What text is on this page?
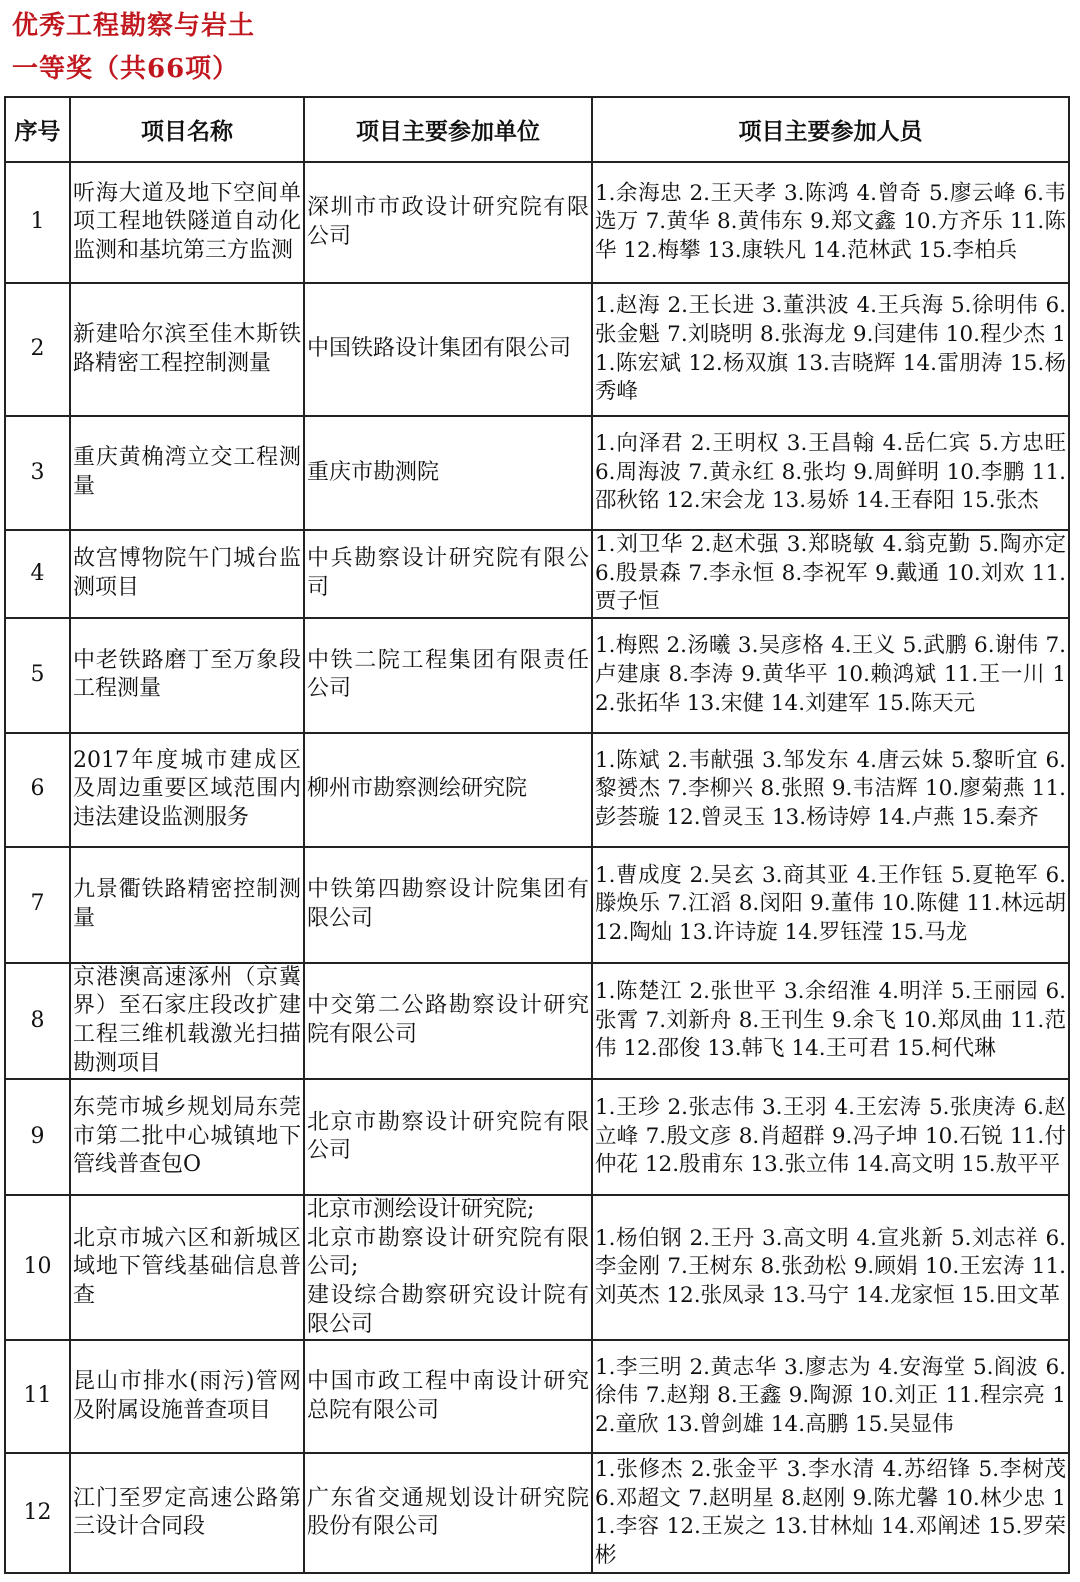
优秀工程勘察与岩土
一等奖（共66项）
序号	项目名称	项目主要参加单位	项目主要参加人员
1	听海大道及地下空间单项工程地铁隧道自动化监测和基坑第三方监测	深圳市市政设计研究院有限公司	1.余海忠 2.王天孝 3.陈鸿 4.曾奇 5.廖云峰 6.韦选万 7.黄华 8.黄伟东 9.郑文鑫 10.方齐乐 11.陈华 12.梅攀 13.康轶凡 14.范林武 15.李柏兵
2	新建哈尔滨至佳木斯铁路精密工程控制测量	中国铁路设计集团有限公司	1.赵海 2.王长进 3.董洪波 4.王兵海 5.徐明伟 6.张金魁 7.刘晓明 8.张海龙 9.闫建伟 10.程少杰 11.陈宏斌 12.杨双旗 13.吉晓辉 14.雷朋涛 15.杨秀峰
3	重庆黄桷湾立交工程测量	重庆市勘测院	1.向泽君 2.王明权 3.王昌翰 4.岳仁宾 5.方忠旺 6.周海波 7.黄永红 8.张均 9.周鲜明 10.李鹏 11.邵秋铭 12.宋会龙 13.易娇 14.王春阳 15.张杰
4	故宫博物院午门城台监测项目	中兵勘察设计研究院有限公司	1.刘卫华 2.赵术强 3.郑晓敏 4.翁克勤 5.陶亦定 6.殷景森 7.李永恒 8.李祝军 9.戴通 10.刘欢 11.贾子恒
5	中老铁路磨丁至万象段工程测量	中铁二院工程集团有限责任公司	1.梅熙 2.汤曦 3.吴彦格 4.王义 5.武鹏 6.谢伟 7.卢建康 8.李涛 9.黄华平 10.赖鸿斌 11.王一川 12.张拓华 13.宋健 14.刘建军 15.陈天元
6	2017年度城市建成区及周边重要区域范围内违法建设监测服务	柳州市勘察测绘研究院	1.陈斌 2.韦献强 3.邹发东 4.唐云妹 5.黎昕宜 6.黎赟杰 7.李柳兴 8.张照 9.韦洁辉 10.廖菊燕 11.彭荟璇 12.曾灵玉 13.杨诗婷 14.卢燕 15.秦齐
7	九景衢铁路精密控制测量	中铁第四勘察设计院集团有限公司	1.曹成度 2.吴玄 3.商其亚 4.王作钰 5.夏艳军 6.滕焕乐 7.江滔 8.闵阳 9.董伟 10.陈健 11.林远胡 12.陶灿 13.许诗旋 14.罗钰滢 15.马龙
8	京港澳高速涿州（京冀界）至石家庄段改扩建工程三维机载激光扫描勘测项目	中交第二公路勘察设计研究院有限公司	1.陈楚江 2.张世平 3.余绍淮 4.明洋 5.王丽园 6.张霄 7.刘新舟 8.王刊生 9.余飞 10.郑凤曲 11.范伟 12.邵俊 13.韩飞 14.王可君 15.柯代琳
9	东莞市城乡规划局东莞市第二批中心城镇地下管线普查包O	北京市勘察设计研究院有限公司	1.王珍 2.张志伟 3.王羽 4.王宏涛 5.张庚涛 6.赵立峰 7.殷文彦 8.肖超群 9.冯子坤 10.石锐 11.付仲花 12.殷甫东 13.张立伟 14.高文明 15.敖平平
10	北京市城六区和新城区域地下管线基础信息普查	北京市测绘设计研究院;
北京市勘察设计研究院有限公司;
建设综合勘察研究设计院有限公司	1.杨伯钢 2.王丹 3.高文明 4.宣兆新 5.刘志祥 6.李金刚 7.王树东 8.张劲松 9.顾娟 10.王宏涛 11.刘英杰 12.张凤录 13.马宁 14.龙家恒 15.田文革
11	昆山市排水(雨污)管网及附属设施普查项目	中国市政工程中南设计研究总院有限公司	1.李三明 2.黄志华 3.廖志为 4.安海堂 5.阎波 6.徐伟 7.赵翔 8.王鑫 9.陶源 10.刘正 11.程宗亮 12.童欣 13.曾剑雄 14.高鹏 15.吴显伟
12	江门至罗定高速公路第三设计合同段	广东省交通规划设计研究院股份有限公司	1.张修杰 2.张金平 3.李水清 4.苏绍锋 5.李树茂 6.邓超文 7.赵明星 8.赵刚 9.陈尤馨 10.林少忠 11.李容 12.王炭之 13.甘林灿 14.邓阐述 15.罗荣彬
